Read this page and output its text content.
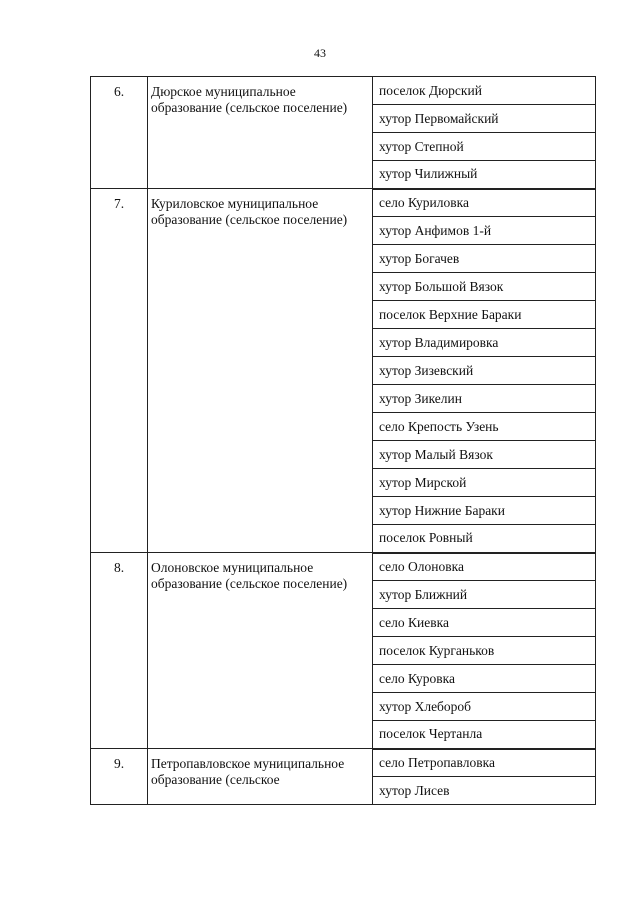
43
6.	Дюрское муниципальное образование (сельское поселение)	поселок Дюрский
		хутор Первомайский
		хутор Степной
		хутор Чилижный
7.	Куриловское муниципальное образование (сельское поселение)	село Куриловка
		хутор Анфимов 1-й
		хутор Богачев
		хутор Большой Вязок
		поселок Верхние Бараки
		хутор Владимировка
		хутор Зизевский
		хутор Зикелин
		село Крепость Узень
		хутор Малый Вязок
		хутор Мирской
		хутор Нижние Бараки
		поселок Ровный
8.	Олоновское муниципальное образование (сельское поселение)	село Олоновка
		хутор Ближний
		село Киевка
		поселок Курганьков
		село Куровка
		хутор Хлебороб
		поселок Чертанла
9.	Петропавловское муниципальное образование (сельское	село Петропавловка
		хутор Лисев
